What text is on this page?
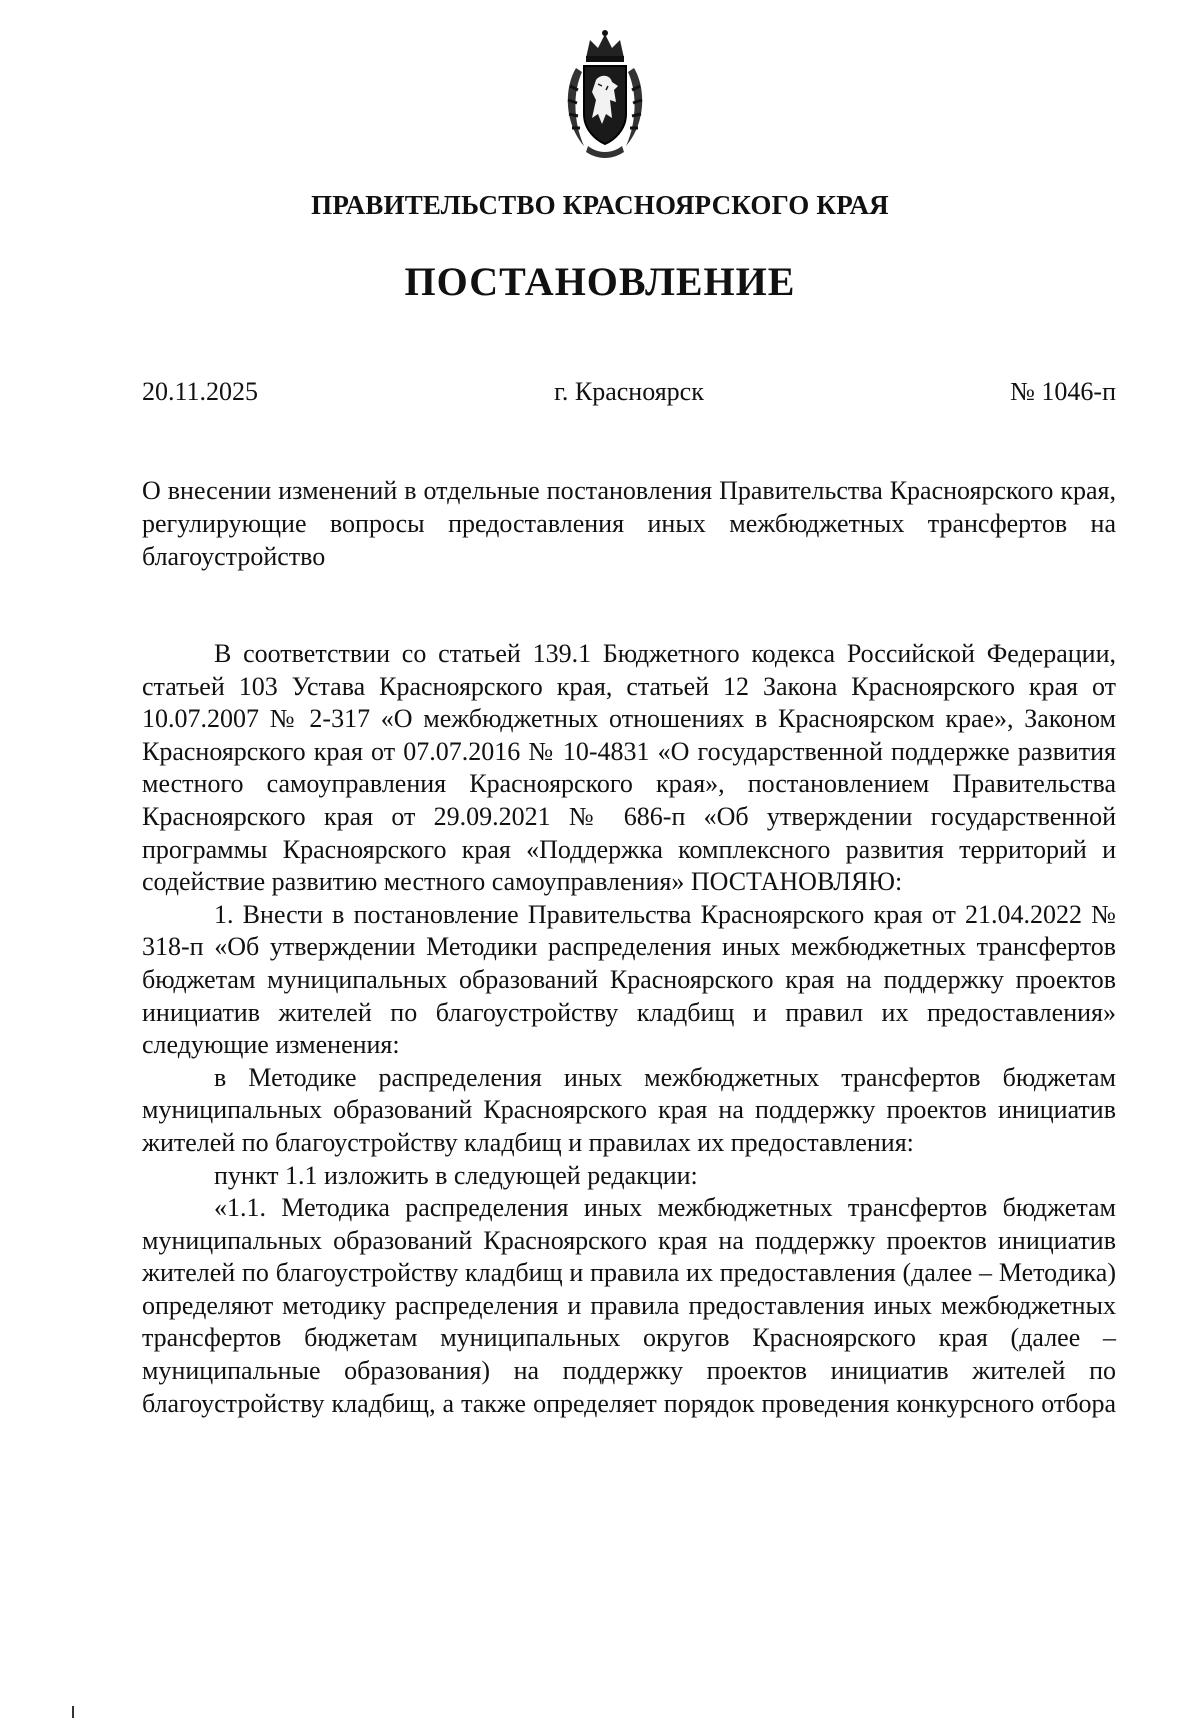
ПРАВИТЕЛЬСТВО КРАСНОЯРСКОГО КРАЯ
ПОСТАНОВЛЕНИЕ
г. Красноярск
20.11.2025	№ 1046-п
О внесении изменений в отдельные постановления Правительства Красноярского края, регулирующие вопросы предоставления иных межбюджетных трансфертов на благоустройство

В соответствии со статьей 139.1 Бюджетного кодекса Российской Федерации, статьей 103 Устава Красноярского края, статьей 12 Закона Красноярского края от 10.07.2007 № 2-317 «О межбюджетных отношениях в Красноярском крае», Законом Красноярского края от 07.07.2016 № 10-4831 «О государственной поддержке развития местного самоуправления Красноярского края», постановлением Правительства Красноярского края от 29.09.2021 № 686-п «Об утверждении государственной программы Красноярского края «Поддержка комплексного развития территорий и содействие развитию местного самоуправления» ПОСТАНОВЛЯЮ:

1. Внести в постановление Правительства Красноярского края от 21.04.2022 № 318-п «Об утверждении Методики распределения иных межбюджетных трансфертов бюджетам муниципальных образований Красноярского края на поддержку проектов инициатив жителей по благоустройству кладбищ и правил их предоставления» следующие изменения:

в Методике распределения иных межбюджетных трансфертов бюджетам муниципальных образований Красноярского края на поддержку проектов инициатив жителей по благоустройству кладбищ и правилах их предоставления:

пункт 1.1 изложить в следующей редакции:

«1.1. Методика распределения иных межбюджетных трансфертов бюджетам муниципальных образований Красноярского края на поддержку проектов инициатив жителей по благоустройству кладбищ и правила их предоставления (далее – Методика) определяют методику распределения и правила предоставления иных межбюджетных трансфертов бюджетам муниципальных округов Красноярского края (далее – муниципальные образования) на поддержку проектов инициатив жителей по благоустройству кладбищ, а также определяет порядок проведения конкурсного отбора
